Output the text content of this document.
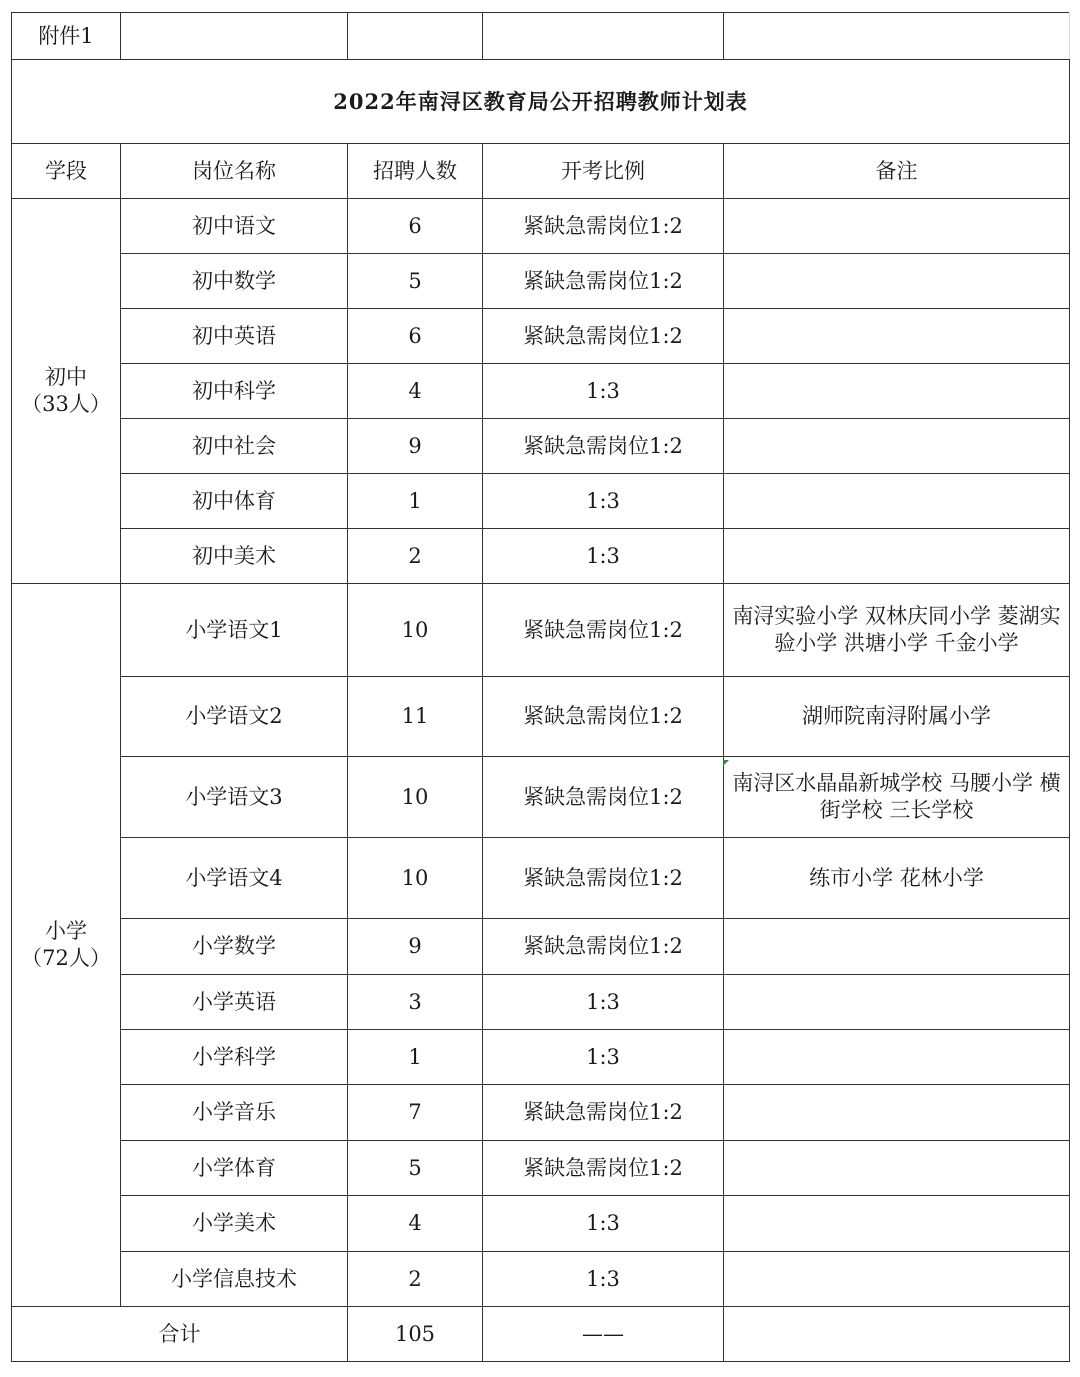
附件1				
2022年南浔区教育局公开招聘教师计划表				
学段	岗位名称	招聘人数	开考比例	备注

初中
（33人）	初中语文	6	紧缺急需岗位1:2	
	初中数学	5	紧缺急需岗位1:2	
	初中英语	6	紧缺急需岗位1:2	
	初中科学	4	1:3	
	初中社会	9	紧缺急需岗位1:2	
	初中体育	1	1:3	
	初中美术	2	1:3	

小学
（72人）	小学语文1	10	紧缺急需岗位1:2	南浔实验小学 双林庆同小学 菱湖实验小学 洪塘小学 千金小学
	小学语文2	11	紧缺急需岗位1:2	湖师院南浔附属小学
	小学语文3	10	紧缺急需岗位1:2	南浔区水晶晶新城学校 马腰小学 横街学校 三长学校
	小学语文4	10	紧缺急需岗位1:2	练市小学 花林小学
	小学数学	9	紧缺急需岗位1:2	
	小学英语	3	1:3	
	小学科学	1	1:3	
	小学音乐	7	紧缺急需岗位1:2	
	小学体育	5	紧缺急需岗位1:2	
	小学美术	4	1:3	
	小学信息技术	2	1:3	
合计		105	——	
